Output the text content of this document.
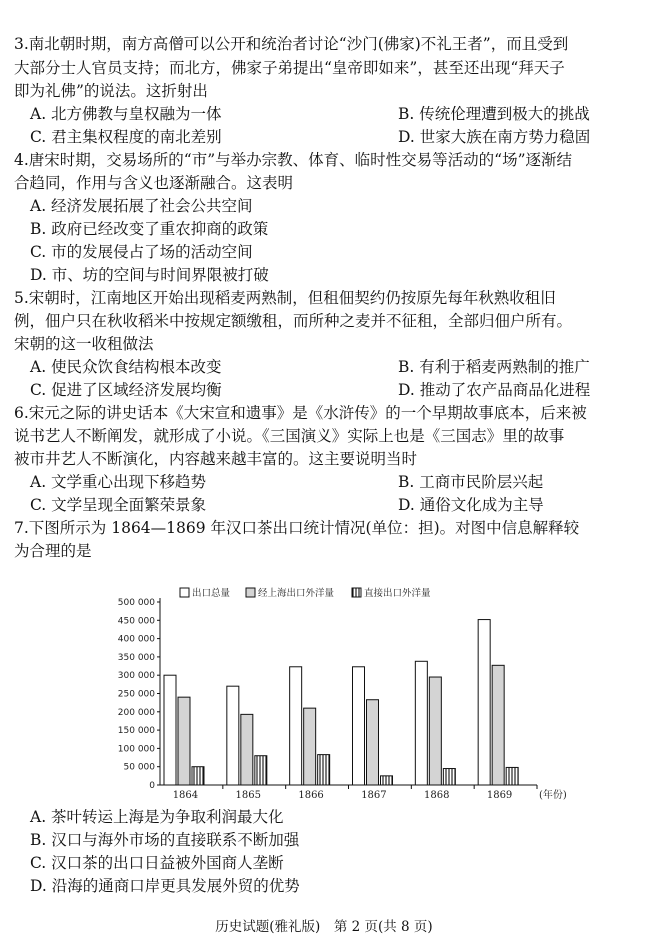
3.南北朝时期，南方高僧可以公开和统治者讨论“沙门(佛家)不礼王者”，而且受到
大部分士人官员支持；而北方，佛家子弟提出“皇帝即如来”，甚至还出现“拜天子
即为礼佛”的说法。这折射出
A. 北方佛教与皇权融为一体	B. 传统伦理遭到极大的挑战
C. 君主集权程度的南北差别	D. 世家大族在南方势力稳固
4.唐宋时期，交易场所的“市”与举办宗教、体育、临时性交易等活动的“场”逐渐结
合趋同，作用与含义也逐渐融合。这表明
A. 经济发展拓展了社会公共空间
B. 政府已经改变了重农抑商的政策
C. 市的发展侵占了场的活动空间
D. 市、坊的空间与时间界限被打破
5.宋朝时，江南地区开始出现稻麦两熟制，但租佃契约仍按原先每年秋熟收租旧
例，佃户只在秋收稻米中按规定额缴租，而所种之麦并不征租，全部归佃户所有。
宋朝的这一收租做法
A. 使民众饮食结构根本改变	B. 有利于稻麦两熟制的推广
C. 促进了区域经济发展均衡	D. 推动了农产品商品化进程
6.宋元之际的讲史话本《大宋宣和遗事》是《水浒传》的一个早期故事底本，后来被
说书艺人不断阐发，就形成了小说。《三国演义》实际上也是《三国志》里的故事
被市井艺人不断演化，内容越来越丰富的。这主要说明当时
A. 文学重心出现下移趋势	B. 工商市民阶层兴起
C. 文学呈现全面繁荣景象	D. 通俗文化成为主导
7.下图所示为 1864—1869 年汉口茶出口统计情况(单位：担)。对图中信息解释较
为合理的是
0
50 000
100 000
150 000
200 000
250 000
300 000
350 000
400 000
450 000
500 000
1864	1865	1866	1867	1868	1869	(年份)
出口总量	经上海出口外洋量	直接出口外洋量
A. 茶叶转运上海是为争取利润最大化
B. 汉口与海外市场的直接联系不断加强
C. 汉口茶的出口日益被外国商人垄断
D. 沿海的通商口岸更具发展外贸的优势
历史试题(雅礼版)　第 2 页(共 8 页)
